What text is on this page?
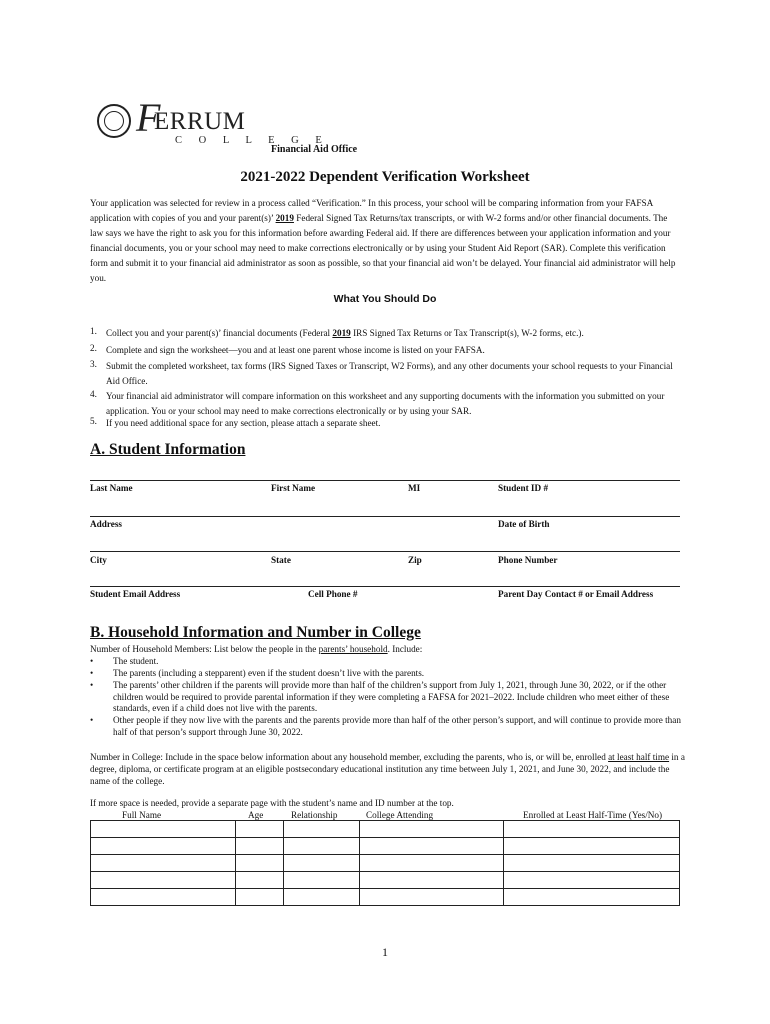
F
ERRUM
C O L L E G E
Financial Aid Office
2021-2022 Dependent Verification Worksheet
Your application was selected for review in a process called “Verification.” In this process, your school will be comparing information from your FAFSA application with copies of you and your parent(s)’ 2019 Federal Signed Tax Returns/tax transcripts, or with W-2 forms and/or other financial documents. The law says we have the right to ask you for this information before awarding Federal aid. If there are differences between your application information and your financial documents, you or your school may need to make corrections electronically or by using your Student Aid Report (SAR). Complete this verification form and submit it to your financial aid administrator as soon as possible, so that your financial aid won’t be delayed. Your financial aid administrator will help you.
What You Should Do
1. Collect you and your parent(s)’ financial documents (Federal 2019 IRS Signed Tax Returns or Tax Transcript(s), W-2 forms, etc.).
2. Complete and sign the worksheet—you and at least one parent whose income is listed on your FAFSA.
3. Submit the completed worksheet, tax forms (IRS Signed Taxes or Transcript, W2 Forms), and any other documents your school requests to your Financial Aid Office.
4. Your financial aid administrator will compare information on this worksheet and any supporting documents with the information you submitted on your application. You or your school may need to make corrections electronically or by using your SAR.
5. If you need additional space for any section, please attach a separate sheet.
A. Student Information
Last Name	First Name	MI	Student ID #
Address	Date of Birth
City	State	Zip	Phone Number
Student Email Address	Cell Phone #	Parent Day Contact # or Email Address
B. Household Information and Number in College
Number of Household Members: List below the people in the parents’ household. Include:
• The student.
• The parents (including a stepparent) even if the student doesn’t live with the parents.
• The parents’ other children if the parents will provide more than half of the children’s support from July 1, 2021, through June 30, 2022, or if the other children would be required to provide parental information if they were completing a FAFSA for 2021–2022. Include children who meet either of these standards, even if a child does not live with the parents.
• Other people if they now live with the parents and the parents provide more than half of the other person’s support, and will continue to provide more than half of that person’s support through June 30, 2022.
Number in College: Include in the space below information about any household member, excluding the parents, who is, or will be, enrolled at least half time in a degree, diploma, or certificate program at an eligible postsecondary educational institution any time between July 1, 2021, and June 30, 2022, and include the name of the college.
If more space is needed, provide a separate page with the student’s name and ID number at the top.
Full Name	Age	Relationship	College Attending	Enrolled at Least Half-Time (Yes/No)

1
